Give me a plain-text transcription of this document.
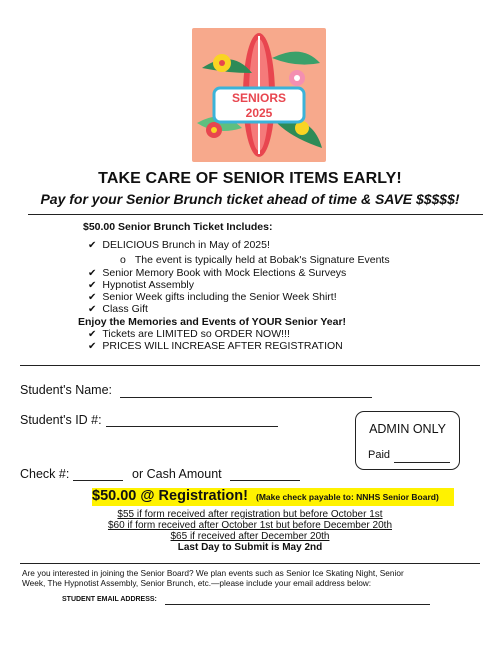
SENIORS
2025
TAKE CARE OF SENIOR ITEMS EARLY!
Pay for your Senior Brunch ticket ahead of time & SAVE $$$$$!
$50.00 Senior Brunch Ticket Includes:
✔ DELICIOUS Brunch in May of 2025!
o The event is typically held at Bobak's Signature Events
✔ Senior Memory Book with Mock Elections & Surveys
✔ Hypnotist Assembly
✔ Senior Week gifts including the Senior Week Shirt!
✔ Class Gift
Enjoy the Memories and Events of YOUR Senior Year!
✔ Tickets are LIMITED so ORDER NOW!!!
✔ PRICES WILL INCREASE AFTER REGISTRATION
Student's Name:
Student's ID #:
ADMIN ONLY
Paid
Check #:	or Cash Amount
$50.00 @ Registration! (Make check payable to: NNHS Senior Board)
$55 if form received after registration but before October 1st
$60 if form received after October 1st but before December 20th
$65 if received after December 20th
Last Day to Submit is May 2nd
Are you interested in joining the Senior Board? We plan events such as Senior Ice Skating Night, Senior
Week, The Hypnotist Assembly, Senior Brunch, etc.—please include your email address below:
STUDENT EMAIL ADDRESS:
